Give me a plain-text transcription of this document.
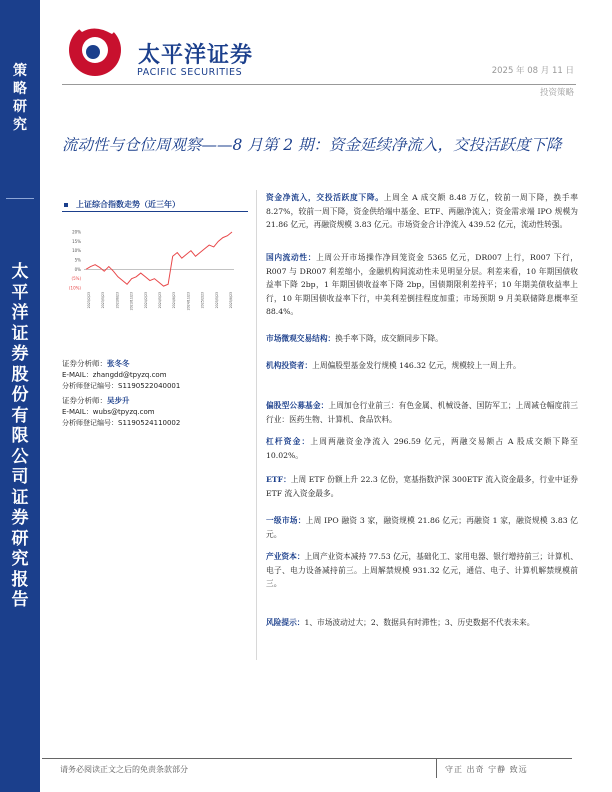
策略研究
太平洋证券股份有限公司证券研究报告
太平洋证券
PACIFIC SECURITIES	2025 年 08 月 11 日
投资策略
流动性与仓位周观察——8 月第 2 期：资金延续净流入，交投活跃度下降
上证综合指数走势（近三年）
20%
15%
10%
5%
0%
(5%)
(10%)
2023/2/23	2023/5/23	2023/8/23	2023/11/23	2024/2/23	2024/5/23	2024/8/23	2024/11/23	2025/2/23	2025/5/23	2025/8/23
证券分析师：张冬冬
E-MAIL：zhangdd@tpyzq.com
分析师登记编号：S1190522040001
证券分析师：吴步升
E-MAIL：wubs@tpyzq.com
分析师登记编号：S1190524110002
资金净流入，交投活跃度下降。上周全 A 成交额 8.48 万亿，较前一周下降，换手率 8.27%，较前一周下降，资金供给端中基金、ETF、两融净流入；资金需求端 IPO 规模为 21.86 亿元，再融资规模 3.83 亿元。市场资金合计净流入 439.52 亿元，流动性转强。
国内流动性：上周公开市场操作净回笼资金 5365 亿元，DR007 上行，R007 下行，R007 与 DR007 利差缩小，金融机构间流动性未见明显分层。利差来看，10 年期国债收益率下降 2bp，1 年期国债收益率下降 2bp，国债期限利差持平；10 年期美债收益率上行，10 年期国债收益率下行，中美利差倒挂程度加重；市场预期 9 月美联储降息概率至 88.4%。
市场微观交易结构：换手率下降，成交额同步下降。
机构投资者：上周偏股型基金发行规模 146.32 亿元，规模较上一周上升。
偏股型公募基金：上周加仓行业前三：有色金属、机械设备、国防军工；上周减仓幅度前三行业：医药生物、计算机、食品饮料。
杠杆资金：上周两融资金净流入 296.59 亿元，两融交易额占 A 股成交额下降至 10.02%。
ETF：上周 ETF 份额上升 22.3 亿份，宽基指数沪深 300ETF 流入资金最多，行业中证券 ETF 流入资金最多。
一级市场：上周 IPO 融资 3 家，融资规模 21.86 亿元；再融资 1 家，融资规模 3.83 亿元。
产业资本：上周产业资本减持 77.53 亿元，基础化工、家用电器、银行增持前三；计算机、电子、电力设备减持前三。上周解禁规模 931.32 亿元，通信、电子、计算机解禁规模前三。
风险提示：1、市场波动过大；2、数据具有时滞性；3、历史数据不代表未来。
请务必阅读正文之后的免责条款部分	守正 出奇 宁静 致远
